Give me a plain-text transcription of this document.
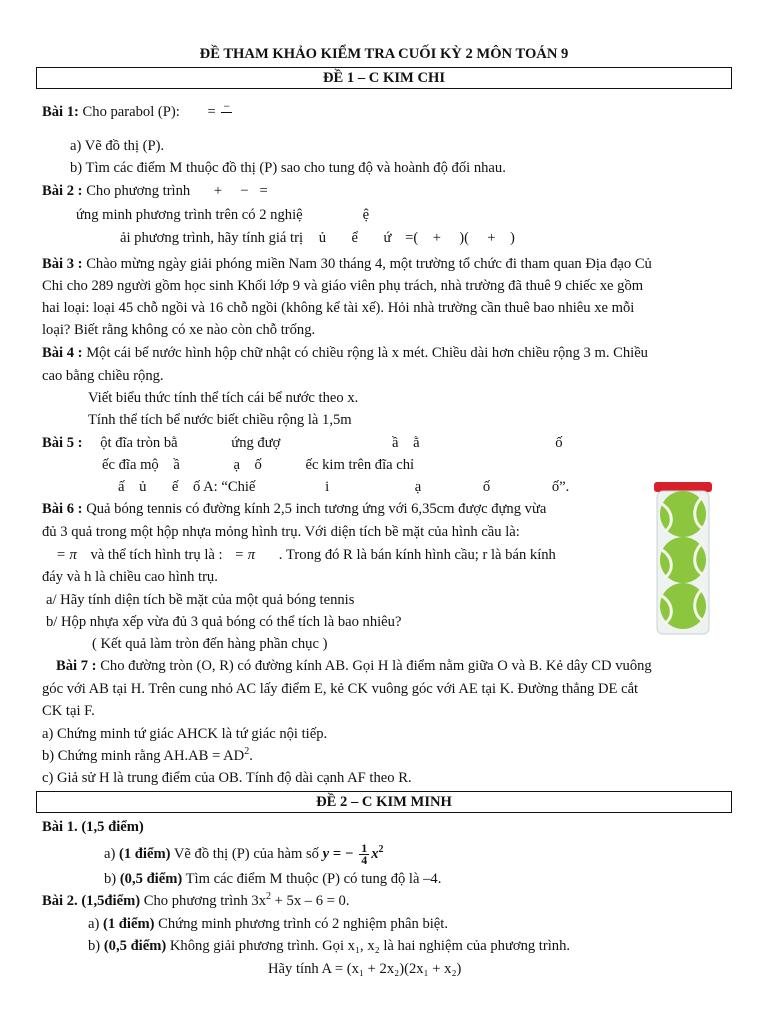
ĐỀ THAM KHẢO KIỂM TRA CUỐI KỲ 2 MÔN TOÁN 9
ĐỀ 1 – C KIM CHI
Bài 1: Cho parabol (P): = −

a) Vẽ đồ thị (P).
b) Tìm các điểm M thuộc đồ thị (P) sao cho tung độ và hoành độ đối nhau.
Bài 2 : Cho phương trình +     −   =
ứng minh phương trình trên có 2 nghiệ	ệ
ải phương trình, hãy tính giá trị ủ       ể       ứ =(    +     )(     +    )
Bài 3 : Chào mừng ngày giải phóng miền Nam 30 tháng 4, một trường tổ chức đi tham quan Địa đạo Củ
Chi cho 289 người gồm học sinh Khối lớp 9 và giáo viên phụ trách, nhà trường đã thuê 9 chiếc xe gồm
hai loại: loại 45 chỗ ngồi và 16 chỗ ngồi (không kể tài xế). Hỏi nhà trường cần thuê bao nhiêu xe mỗi
loại? Biết rằng không có xe nào còn chỗ trống.
Bài 4 : Một cái bể nước hình hộp chữ nhật có chiều rộng là x mét. Chiều dài hơn chiều rộng 3 m. Chiều
cao bằng chiều rộng.
Viết biểu thức tính thể tích cái bể nước theo x.
Tính thể tích bể nước biết chiều rộng là 1,5m
Bài 5 : ột đĩa tròn bằ	ứng đượ	ầ    ằ	ố
ếc đĩa mộ    ầ	ạ    ố	ếc kim trên đĩa chỉ
ấ    ủ       ế    ố A: “Chiế	i	ạ	ố	ố”.
Bài 6 : Quả bóng tennis có đường kính 2,5 inch tương ứng với 6,35cm được đựng vừa
đủ 3 quả trong một hộp nhựa mỏng hình trụ. Với diện tích bề mặt của hình cầu là:
= π và thể tích hình trụ là : = π . Trong đó R là bán kính hình cầu; r là bán kính
đáy và h là chiều cao hình trụ.
a/ Hãy tính diện tích bề mặt của một quả bóng tennis
b/ Hộp nhựa xếp vừa đủ 3 quả bóng có thể tích là bao nhiêu?
( Kết quả làm tròn đến hàng phần chục )
Bài 7 : Cho đường tròn (O, R) có đường kính AB. Gọi H là điểm nằm giữa O và B. Kẻ dây CD vuông
góc với AB tại H. Trên cung nhỏ AC lấy điểm E, kẻ CK vuông góc với AE tại K. Đường thẳng DE cắt
CK tại F.
a) Chứng minh tứ giác AHCK là tứ giác nội tiếp.
b) Chứng minh rằng $AH.AB = AD^2$.
c) Giả sử H là trung điểm của OB. Tính độ dài cạnh AF theo R.
ĐỀ 2 – C KIM MINH
Bài 1. (1,5 điểm)
a) (1 điểm) Vẽ đồ thị (P) của hàm số y = − $\frac{1}{4} x^2$
b) (0,5 điểm) Tìm các điểm M thuộc (P) có tung độ là –4.
Bài 2. (1,5điểm) Cho phương trình $3x^2 + 5x - 6 = 0$.
a) (1 điểm) Chứng minh phương trình có 2 nghiệm phân biệt.
b) (0,5 điểm) Không giải phương trình. Gọi x₁, x₂ là hai nghiệm của phương trình.
Hãy tính A = (x₁ + 2x₂)(2x₁ + x₂)
